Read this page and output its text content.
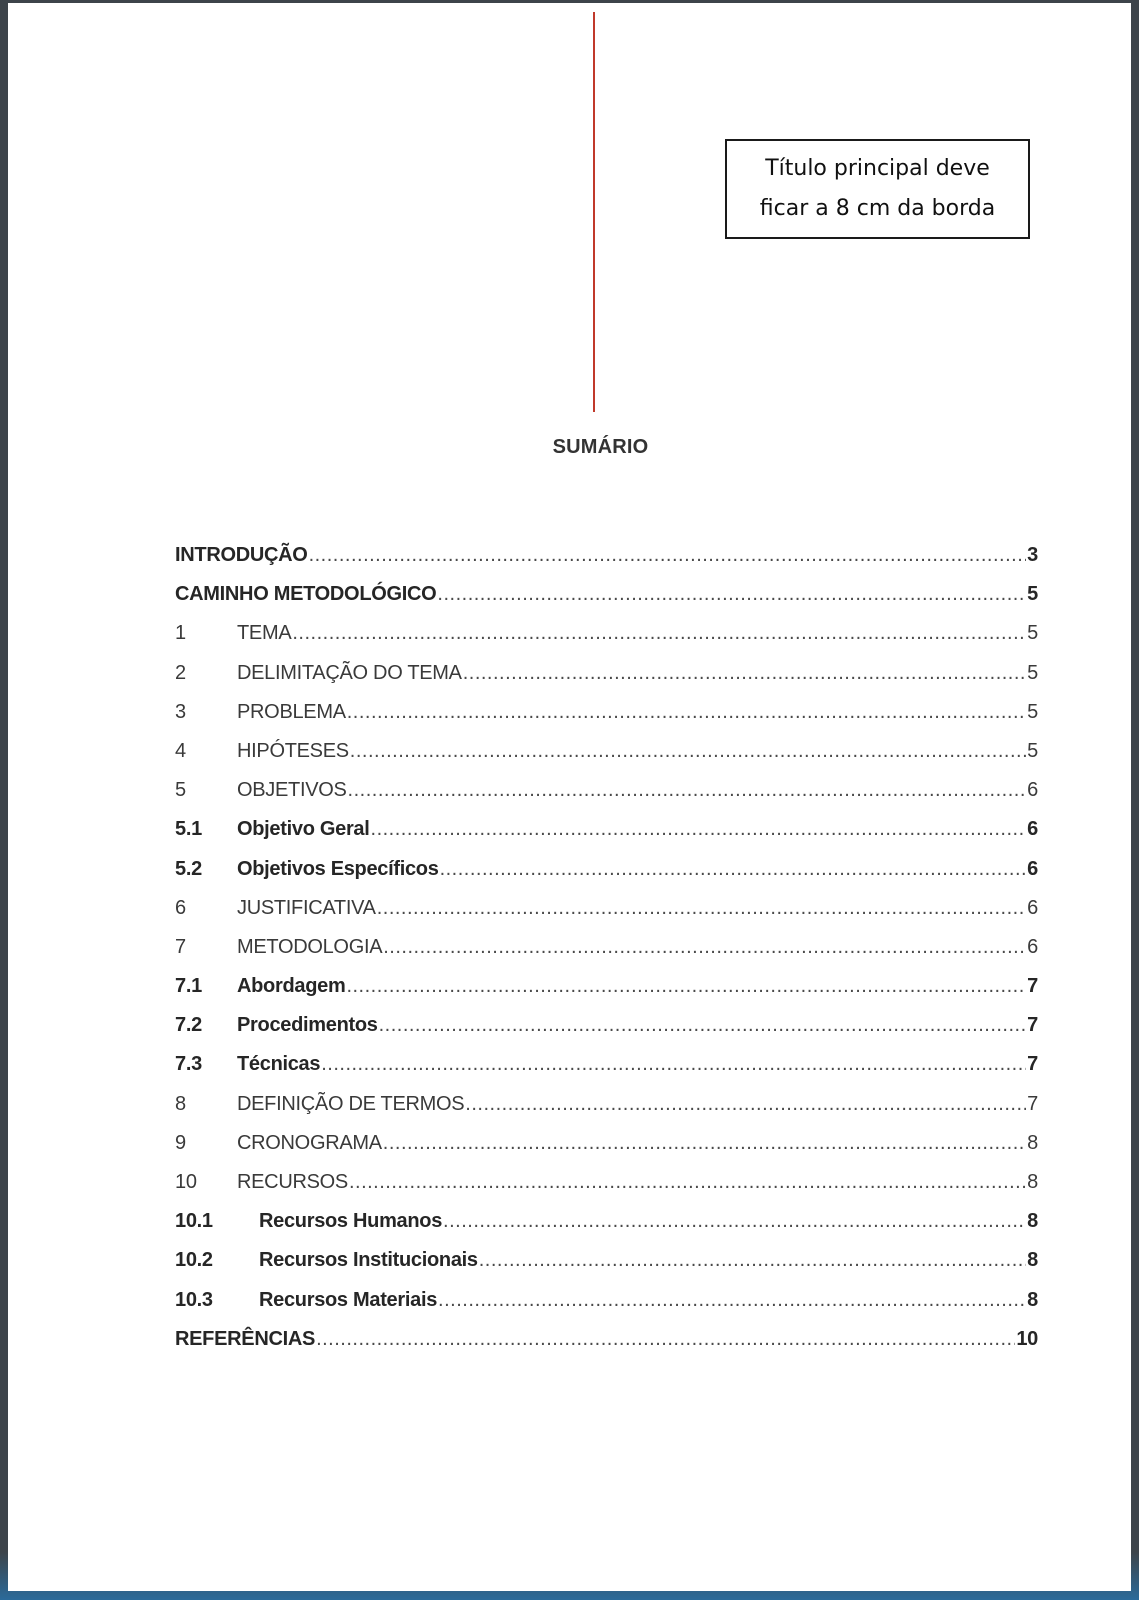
Título principal deve ficar a 8 cm da borda
SUMÁRIO
INTRODUÇÃO .....	3
CAMINHO METODOLÓGICO .....	5
1	TEMA .....	5
2	DELIMITAÇÃO DO TEMA .....	5
3	PROBLEMA .....	5
4	HIPÓTESES .....	5
5	OBJETIVOS .....	6
5.1	Objetivo Geral .....	6
5.2	Objetivos Específicos .....	6
6	JUSTIFICATIVA .....	6
7	METODOLOGIA .....	6
7.1	Abordagem .....	7
7.2	Procedimentos .....	7
7.3	Técnicas .....	7
8	DEFINIÇÃO DE TERMOS .....	7
9	CRONOGRAMA .....	8
10	RECURSOS .....	8
10.1	Recursos Humanos .....	8
10.2	Recursos Institucionais .....	8
10.3	Recursos Materiais .....	8
REFERÊNCIAS .....	10
